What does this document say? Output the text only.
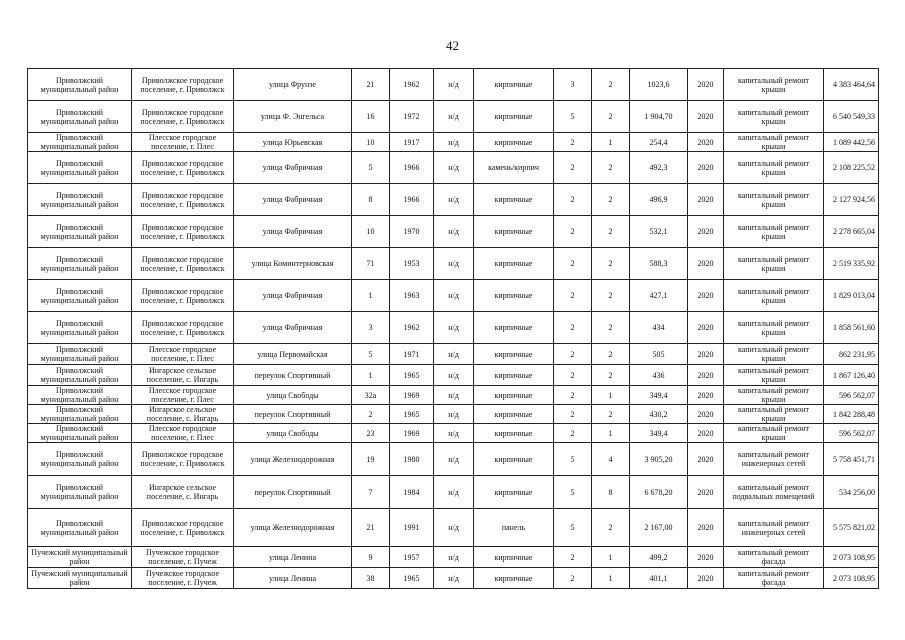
42
Приволжский муниципальный район	Приволжское городское поселение, г. Приволжск	улица Фрунзе	21	1962	н/д	кирпичные	3	2	1023,6	2020	капитальный ремонт крыши	4 383 464,64
Приволжский муниципальный район	Приволжское городское поселение, г. Приволжск	улица Ф. Энгельса	16	1972	н/д	кирпичные	5	2	1 904,70	2020	капитальный ремонт крыши	6 540 549,33
Приволжский муниципальный район	Плесское городское поселение, г. Плес	улица Юрьевская	10	1917	н/д	кирпичные	2	1	254,4	2020	капитальный ремонт крыши	1 089 442,56
Приволжский муниципальный район	Приволжское городское поселение, г. Приволжск	улица Фабричная	5	1966	н/д	камень/кирпич	2	2	492,3	2020	капитальный ремонт крыши	2 108 225,52
Приволжский муниципальный район	Приволжское городское поселение, г. Приволжск	улица Фабричная	8	1966	н/д	кирпичные	2	2	496,9	2020	капитальный ремонт крыши	2 127 924,56
Приволжский муниципальный район	Приволжское городское поселение, г. Приволжск	улица Фабричная	10	1970	н/д	кирпичные	2	2	532,1	2020	капитальный ремонт крыши	2 278 665,04
Приволжский муниципальный район	Приволжское городское поселение, г. Приволжск	улица Коминтерновская	71	1953	н/д	кирпичные	2	2	588,3	2020	капитальный ремонт крыши	2 519 335,92
Приволжский муниципальный район	Приволжское городское поселение, г. Приволжск	улица Фабричная	1	1963	н/д	кирпичные	2	2	427,1	2020	капитальный ремонт крыши	1 829 013,04
Приволжский муниципальный район	Приволжское городское поселение, г. Приволжск	улица Фабричная	3	1962	н/д	кирпичные	2	2	434	2020	капитальный ремонт крыши	1 858 561,60
Приволжский муниципальный район	Плесское городское поселение, г. Плес	улица Первомайская	5	1971	н/д	кирпичные	2	2	505	2020	капитальный ремонт крыши	862 231,95
Приволжский муниципальный район	Ингарское сельское поселение, с. Ингарь	переулок Спортивный	1	1965	н/д	кирпичные	2	2	436	2020	капитальный ремонт крыши	1 867 126,40
Приволжский муниципальный район	Плесское городское поселение, г. Плес	улица Свободы	32а	1969	н/д	кирпичные	2	1	349,4	2020	капитальный ремонт крыши	596 562,07
Приволжский муниципальный район	Ингарское сельское поселение, с. Ингарь	переулок Спортивный	2	1965	н/д	кирпичные	2	2	430,2	2020	капитальный ремонт крыши	1 842 288,48
Приволжский муниципальный район	Плесское городское поселение, г. Плес	улица Свободы	23	1969	н/д	кирпичные	2	1	349,4	2020	капитальный ремонт крыши	596 562,07
Приволжский муниципальный район	Приволжское городское поселение, г. Приволжск	улица Железнодорожная	19	1980	н/д	кирпичные	5	4	3 905,20	2020	капитальный ремонт инженерных сетей	5 758 451,71
Приволжский муниципальный район	Ингарское сельское поселение, с. Ингарь	переулок Спортивный	7	1984	н/д	кирпичные	5	8	6 678,20	2020	капитальный ремонт подвальных помещений	534 256,00
Приволжский муниципальный район	Приволжское городское поселение, г. Приволжск	улица Железнодорожная	21	1991	н/д	панель	5	2	2 167,00	2020	капитальный ремонт инженерных сетей	5 575 821,02
Пучежский муниципальный район	Пучежское городское поселение, г. Пучеж	улица Ленина	9	1957	н/д	кирпичные	2	1	499,2	2020	капитальный ремонт фасада	2 073 108,95
Пучежский муниципальный район	Пучежское городское поселение, г. Пучеж	улица Ленина	38	1965	н/д	кирпичные	2	1	401,1	2020	капитальный ремонт фасада	2 073 108,95
